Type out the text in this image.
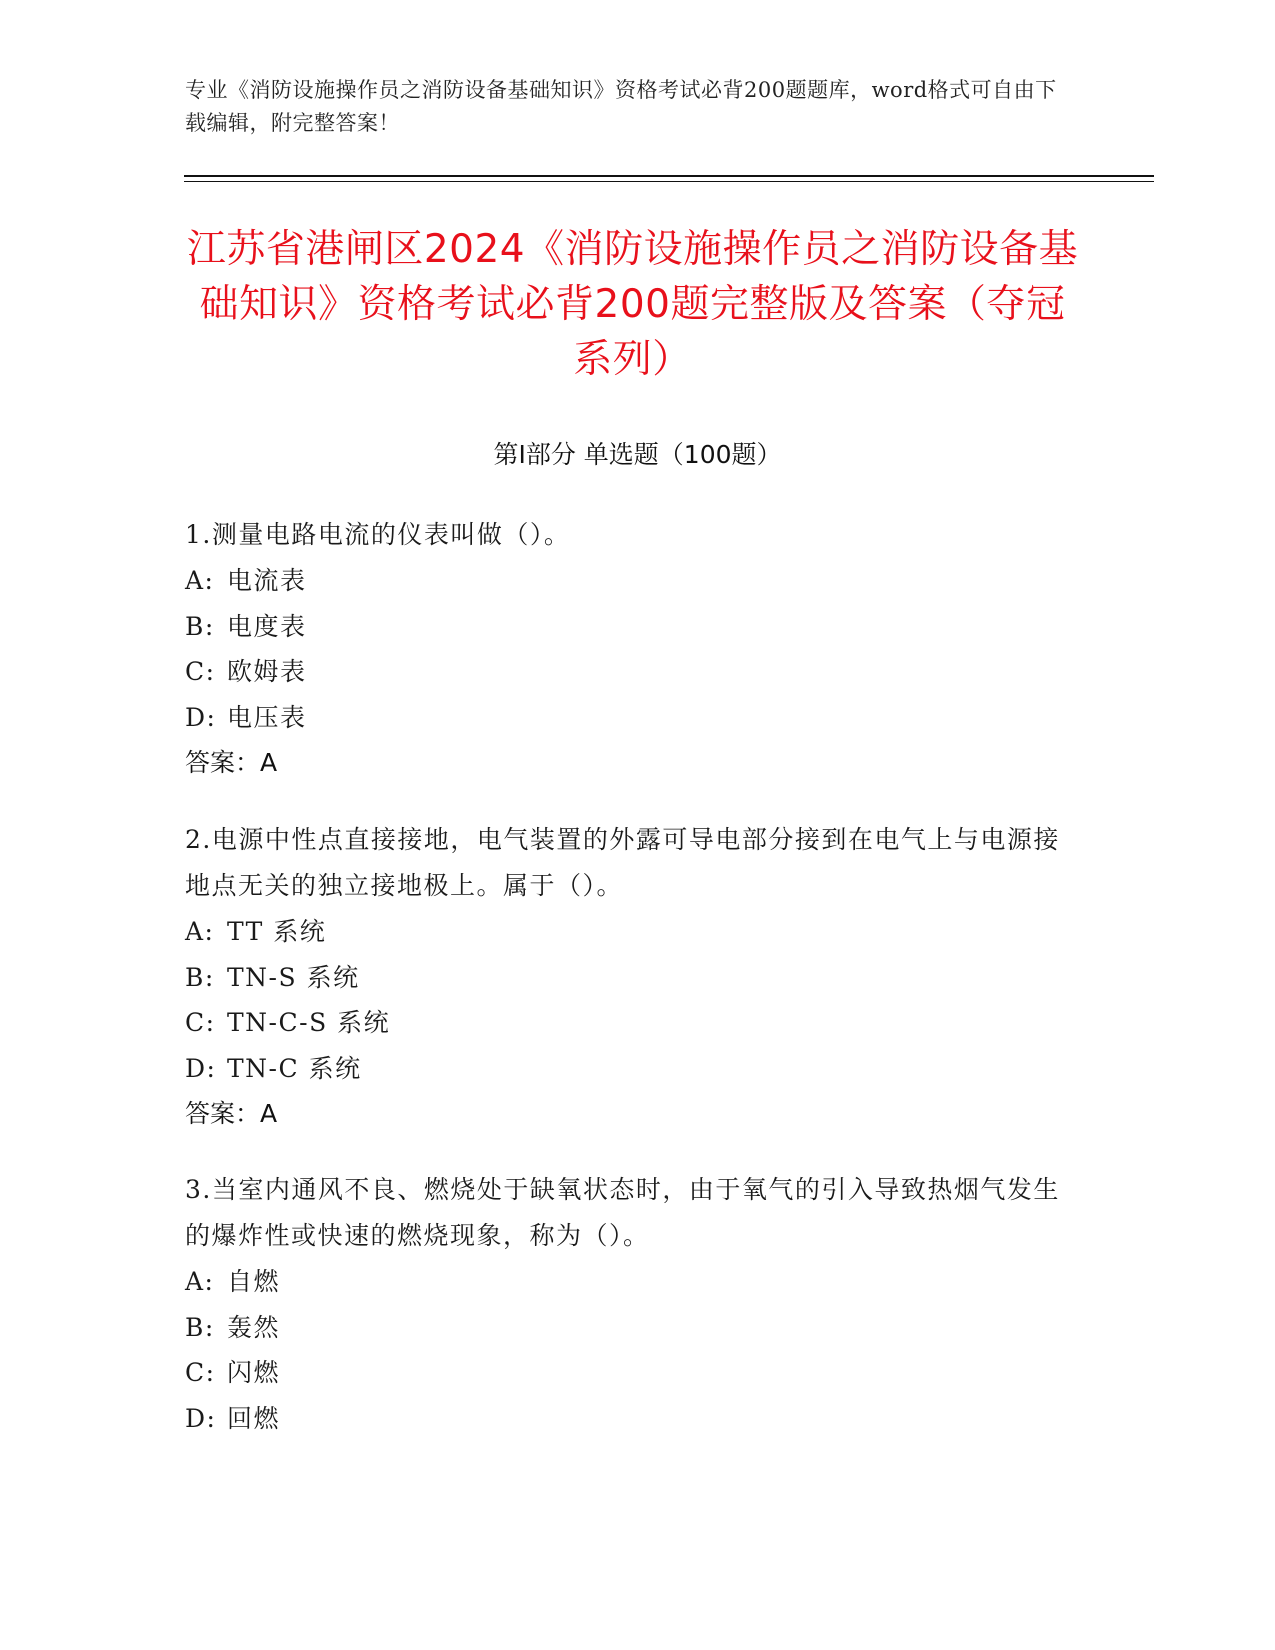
专业《消防设施操作员之消防设备基础知识》资格考试必背200题题库，word格式可自由下载编辑，附完整答案！
江苏省港闸区2024《消防设施操作员之消防设备基础知识》资格考试必背200题完整版及答案（夺冠系列）
第Ⅰ部分 单选题（100题）

1.测量电路电流的仪表叫做（）。

A: 电流表

B: 电度表

C: 欧姆表

D: 电压表

答案：A

2.电源中性点直接接地，电气装置的外露可导电部分接到在电气上与电源接地点无关的独立接地极上。属于（）。

A: TT 系统

B: TN-S 系统

C: TN-C-S 系统

D: TN-C 系统

答案：A

3.当室内通风不良、燃烧处于缺氧状态时，由于氧气的引入导致热烟气发生的爆炸性或快速的燃烧现象，称为（）。

A: 自燃

B: 轰然

C: 闪燃

D: 回燃
